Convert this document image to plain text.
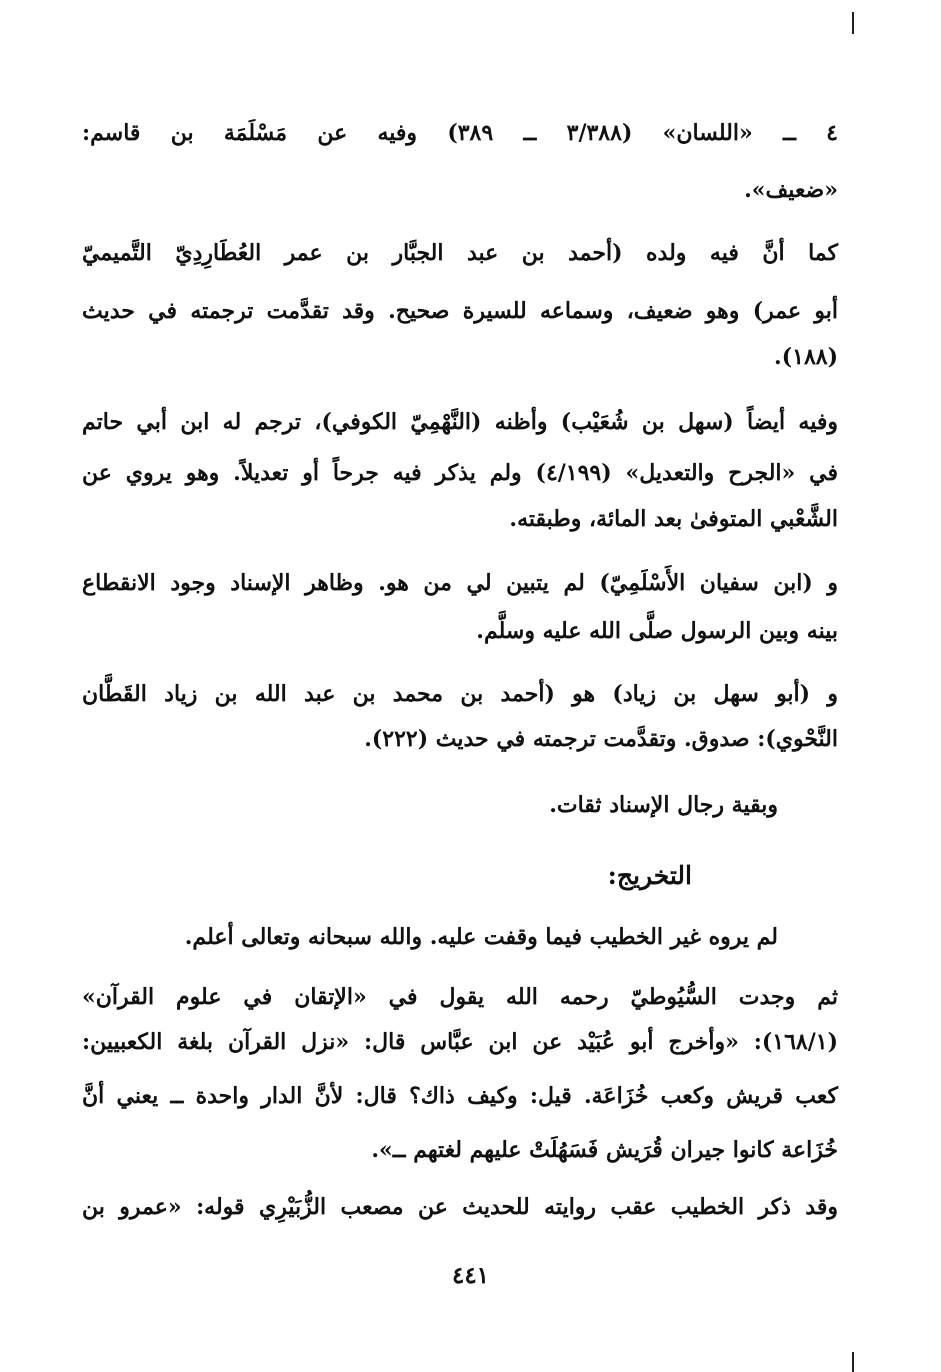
٤ ــ «اللسان» (٣/٣٨٨ ــ ٣٨٩) وفيه عن مَسْلَمَة بن قاسم:
«ضعيف».
كما أنَّ فيه ولده (أحمد بن عبد الجبَّار بن عمر العُطَارِدِيّ التَّميميّ
أبو عمر) وهو ضعيف، وسماعه للسيرة صحيح. وقد تقدَّمت ترجمته في حديث
(١٨٨).
وفيه أيضاً (سهل بن شُعَيْب) وأظنه (النَّهْمِيّ الكوفي)، ترجم له ابن أبي حاتم
في «الجرح والتعديل» (٤/١٩٩) ولم يذكر فيه جرحاً أو تعديلاً. وهو يروي عن
الشَّعْبي المتوفىٰ بعد المائة، وطبقته.
و (ابن سفيان الأَسْلَمِيّ) لم يتبين لي من هو. وظاهر الإسناد وجود الانقطاع
بينه وبين الرسول صلَّى الله عليه وسلَّم.
و (أبو سهل بن زياد) هو (أحمد بن محمد بن عبد الله بن زياد القَطَّان
النَّحْوي): صدوق. وتقدَّمت ترجمته في حديث (٢٢٢).
وبقية رجال الإسناد ثقات.
التخريج:
لم يروه غير الخطيب فيما وقفت عليه. والله سبحانه وتعالى أعلم.
ثم وجدت السُّيُوطيّ رحمه الله يقول في «الإتقان في علوم القرآن»
(١٦٨/١): «وأخرج أبو عُبَيْد عن ابن عبَّاس قال: «نزل القرآن بلغة الكعبيين:
كعب قريش وكعب خُزَاعَة. قيل: وكيف ذاك؟ قال: لأنَّ الدار واحدة ــ يعني أنَّ
خُزَاعة كانوا جيران قُرَيش فَسَهُلَتْ عليهم لغتهم ــ».
وقد ذكر الخطيب عقب روايته للحديث عن مصعب الزُّبَيْرِي قوله: «عمرو بن
٤٤١
